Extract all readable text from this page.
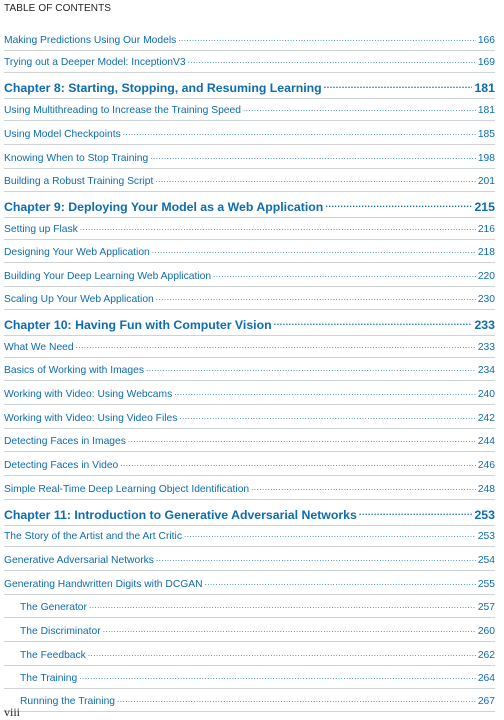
TABLE OF CONTENTS
Making Predictions Using Our Models .....	166
Trying out a Deeper Model: InceptionV3 .....	169
Chapter 8: Starting, Stopping, and Resuming Learning .....	181
Using Multithreading to Increase the Training Speed .....	181
Using Model Checkpoints .....	185
Knowing When to Stop Training .....	198
Building a Robust Training Script .....	201
Chapter 9: Deploying Your Model as a Web Application .....	215
Setting up Flask .....	216
Designing Your Web Application .....	218
Building Your Deep Learning Web Application .....	220
Scaling Up Your Web Application .....	230
Chapter 10: Having Fun with Computer Vision .....	233
What We Need .....	233
Basics of Working with Images .....	234
Working with Video: Using Webcams .....	240
Working with Video: Using Video Files .....	242
Detecting Faces in Images .....	244
Detecting Faces in Video .....	246
Simple Real-Time Deep Learning Object Identification .....	248
Chapter 11: Introduction to Generative Adversarial Networks .....	253
The Story of the Artist and the Art Critic .....	253
Generative Adversarial Networks .....	254
Generating Handwritten Digits with DCGAN .....	255
The Generator .....	257
The Discriminator .....	260
The Feedback .....	262
The Training .....	264
Running the Training .....	267
viii
